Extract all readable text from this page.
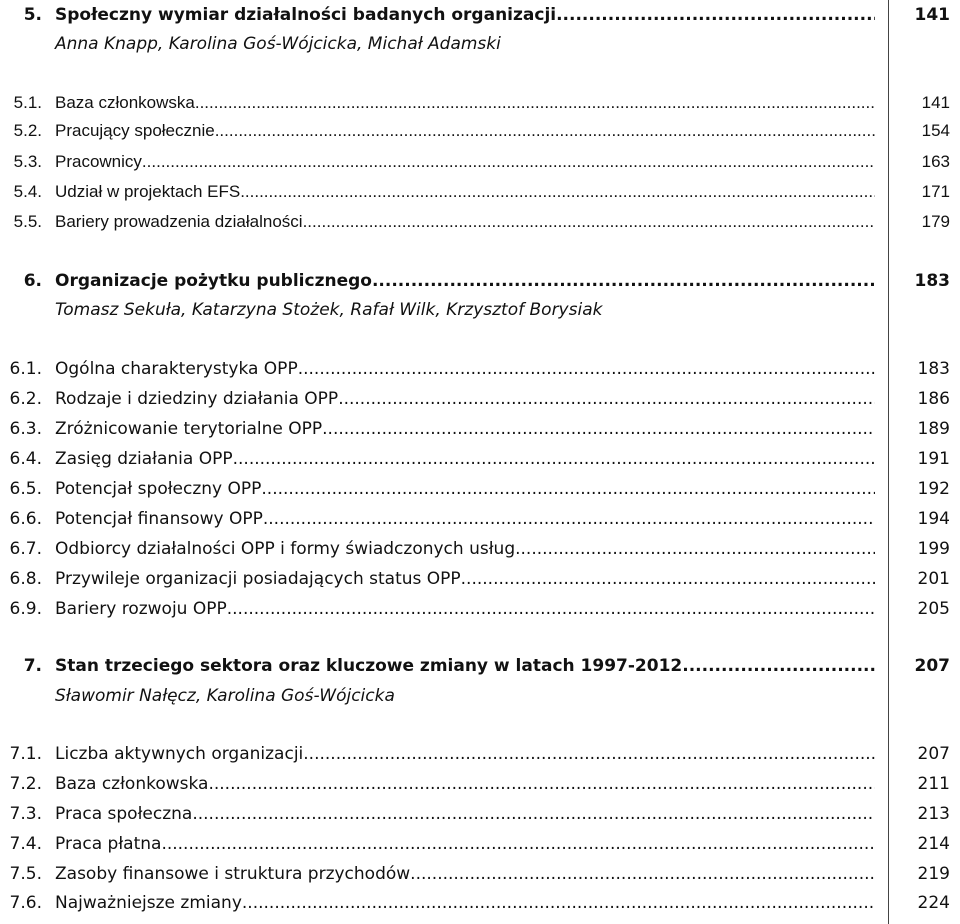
5. Społeczny wymiar działalności badanych organizacji .....	141
Anna Knapp, Karolina Goś-Wójcicka, Michał Adamski
5.1. Baza członkowska .....	141
5.2. Pracujący społecznie .....	154
5.3. Pracownicy .....	163
5.4. Udział w projektach EFS .....	171
5.5. Bariery prowadzenia działalności .....	179
6. Organizacje pożytku publicznego .....	183
Tomasz Sekuła, Katarzyna Stożek, Rafał Wilk, Krzysztof Borysiak
6.1. Ogólna charakterystyka OPP .....	183
6.2. Rodzaje i dziedziny działania OPP .....	186
6.3. Zróżnicowanie terytorialne OPP .....	189
6.4. Zasięg działania OPP .....	191
6.5. Potencjał społeczny OPP .....	192
6.6. Potencjał finansowy OPP .....	194
6.7. Odbiorcy działalności OPP i formy świadczonych usług .....	199
6.8. Przywileje organizacji posiadających status OPP .....	201
6.9. Bariery rozwoju OPP .....	205
7. Stan trzeciego sektora oraz kluczowe zmiany w latach 1997-2012 .....	207
Sławomir Nałęcz, Karolina Goś-Wójcicka
7.1. Liczba aktywnych organizacji .....	207
7.2. Baza członkowska .....	211
7.3. Praca społeczna .....	213
7.4. Praca płatna .....	214
7.5. Zasoby finansowe i struktura przychodów .....	219
7.6. Najważniejsze zmiany .....	224
